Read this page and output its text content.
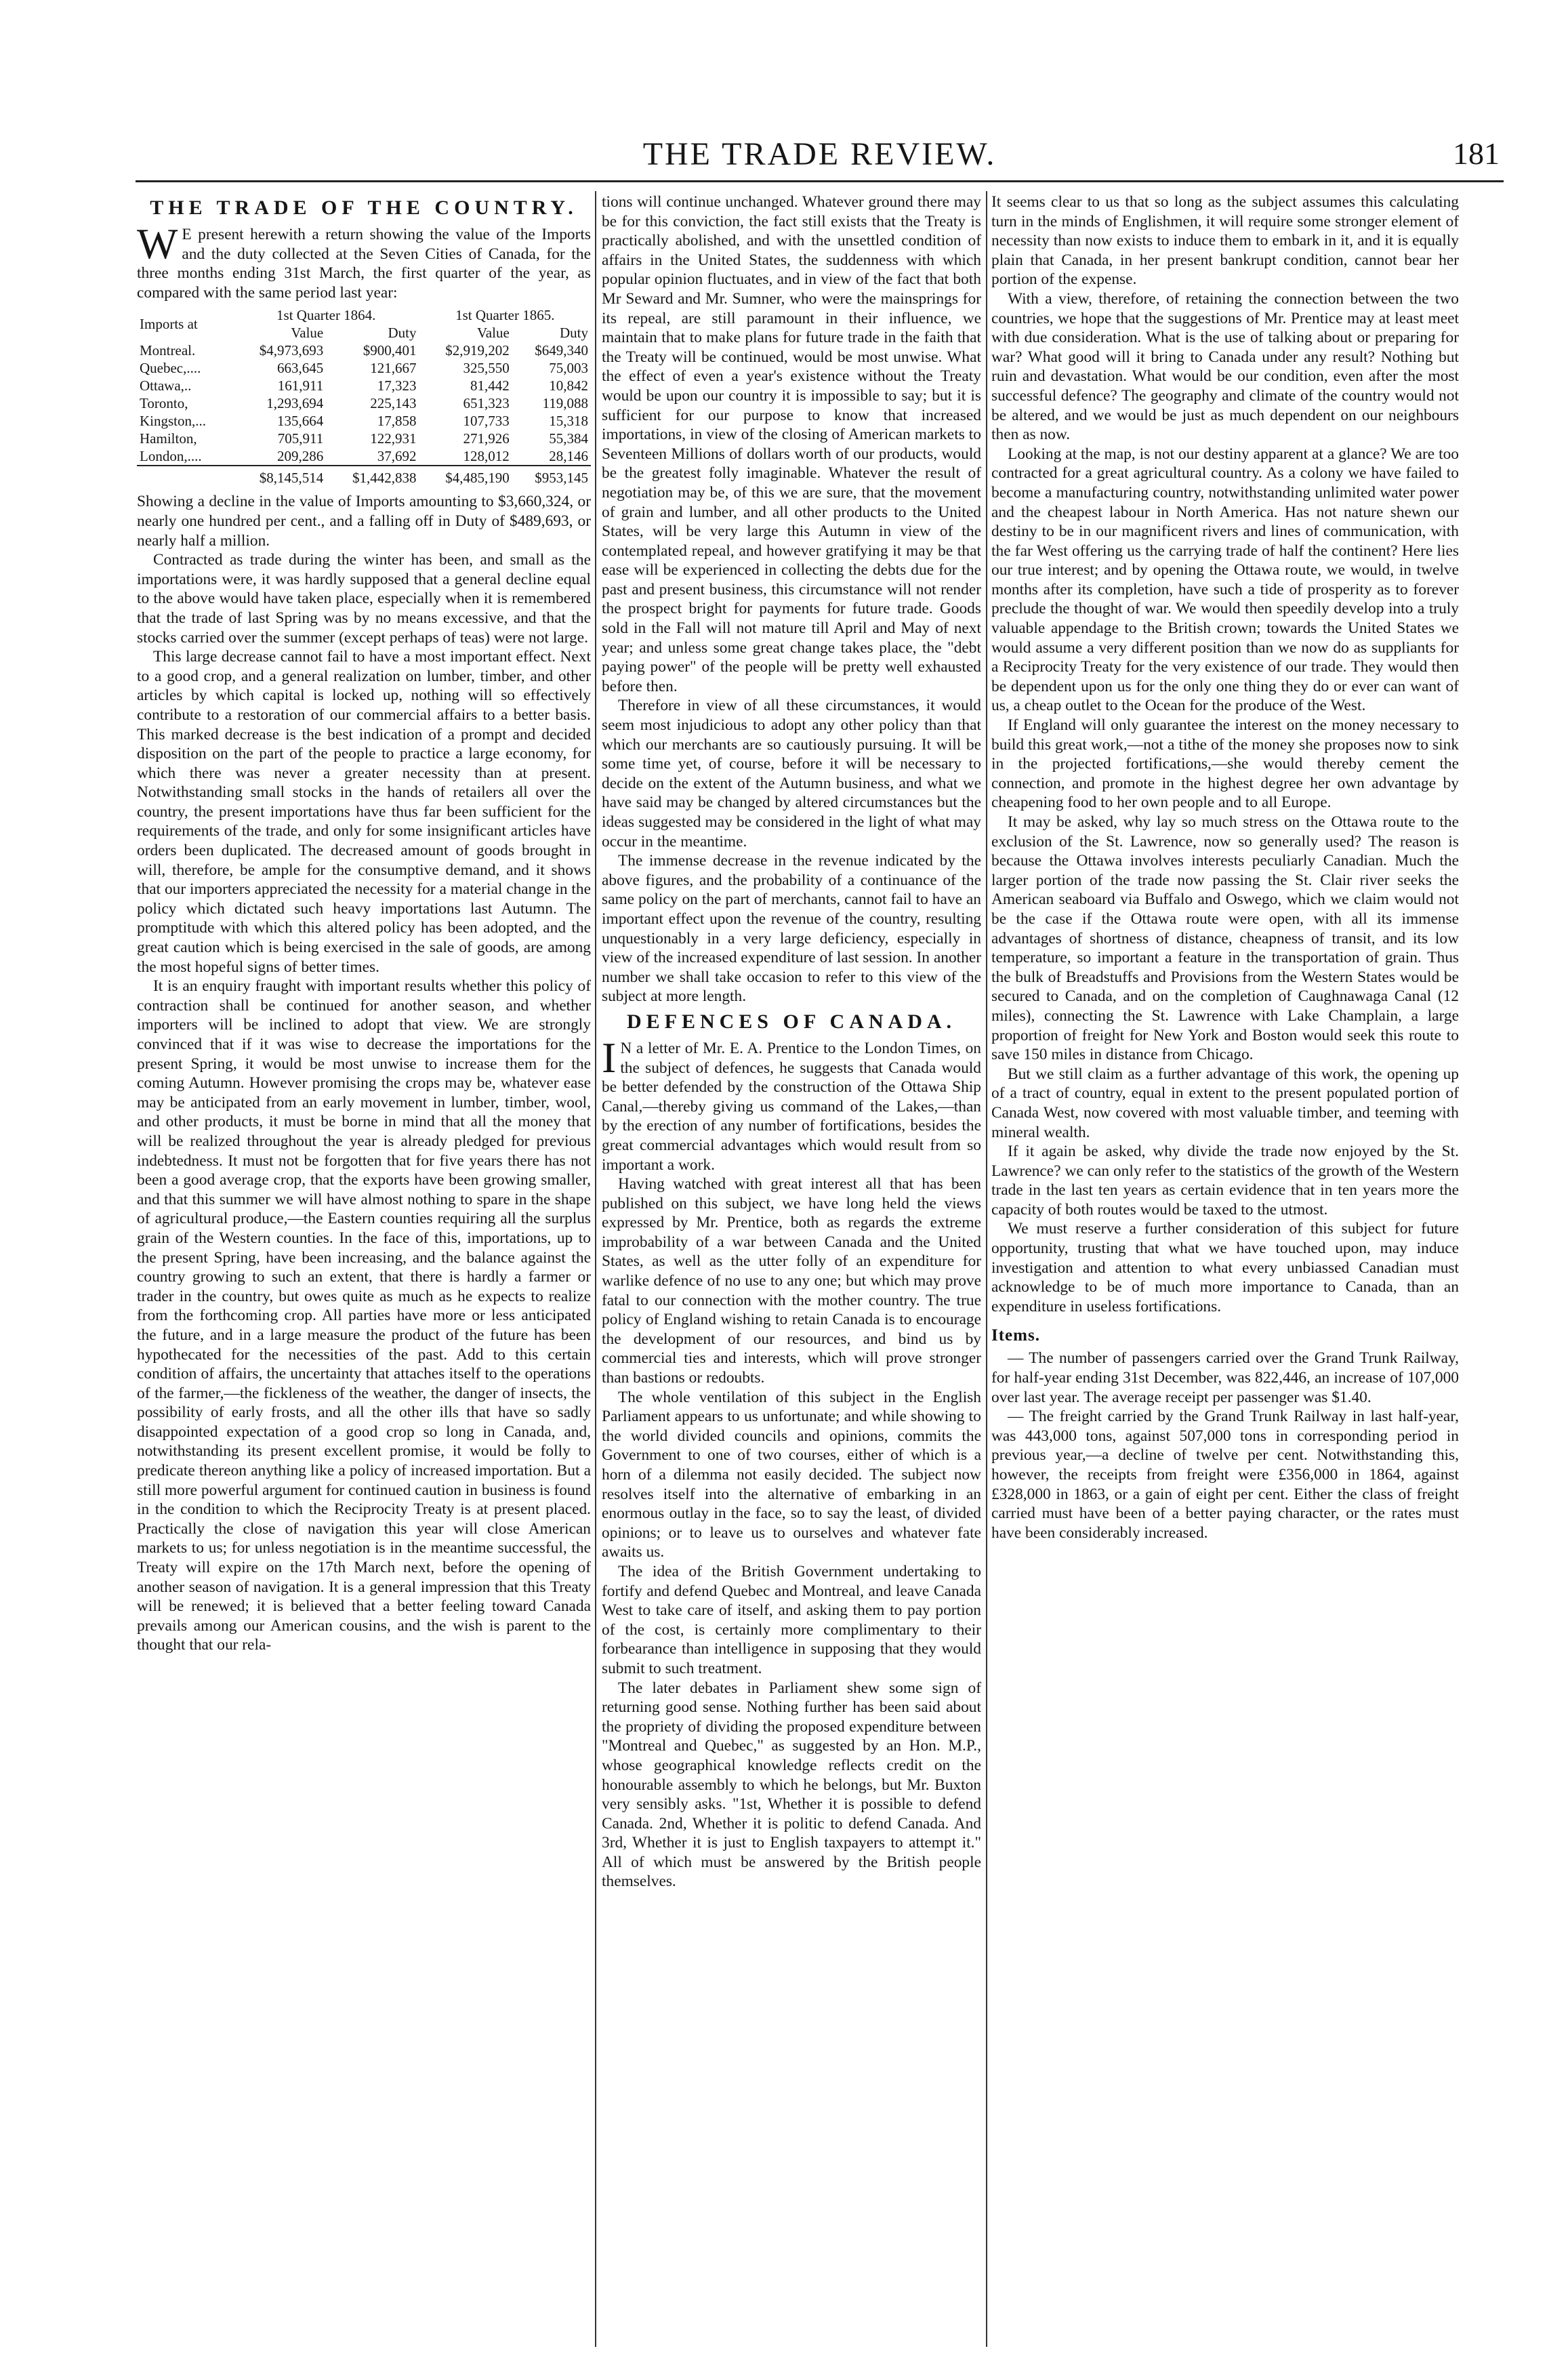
THE TRADE REVIEW.	181
THE TRADE OF THE COUNTRY.

W E present herewith a return showing the value of the Imports and the duty collected at the Seven Cities of Canada, for the three months ending 31st March, the first quarter of the year, as compared with the same period last year:

Imports at	1st Quarter 1864.		1st Quarter 1865.	
	Value	Duty	Value	Duty
Montreal.	$4,973,693	$900,401	$2,919,202	$649,340
Quebec,....	663,645	121,667	325,550	75,003
Ottawa,..	161,911	17,323	81,442	10,842
Toronto,	1,293,694	225,143	651,323	119,088
Kingston,...	135,664	17,858	107,733	15,318
Hamilton,	705,911	122,931	271,926	55,384
London,....	209,286	37,692	128,012	28,146
	$8,145,514	$1,442,838	$4,485,190	$953,145

Showing a decline in the value of Imports amounting to $3,660,324, or nearly one hundred per cent., and a falling off in Duty of $489,693, or nearly half a million.

Contracted as trade during the winter has been, and small as the importations were, it was hardly supposed that a general decline equal to the above would have taken place, especially when it is remembered that the trade of last Spring was by no means excessive, and that the stocks carried over the summer (except perhaps of teas) were not large.

This large decrease cannot fail to have a most important effect. Next to a good crop, and a general realization on lumber, timber, and other articles by which capital is locked up, nothing will so effectively contribute to a restoration of our commercial affairs to a better basis. This marked decrease is the best indication of a prompt and decided disposition on the part of the people to practice a large economy, for which there was never a greater necessity than at present. Notwithstanding small stocks in the hands of retailers all over the country, the present importations have thus far been sufficient for the requirements of the trade, and only for some insignificant articles have orders been duplicated. The decreased amount of goods brought in will, therefore, be ample for the consumptive demand, and it shows that our importers appreciated the necessity for a material change in the policy which dictated such heavy importations last Autumn. The promptitude with which this altered policy has been adopted, and the great caution which is being exercised in the sale of goods, are among the most hopeful signs of better times.

It is an enquiry fraught with important results whether this policy of contraction shall be continued for another season, and whether importers will be inclined to adopt that view. We are strongly convinced that if it was wise to decrease the importations for the present Spring, it would be most unwise to increase them for the coming Autumn. However promising the crops may be, whatever ease may be anticipated from an early movement in lumber, timber, wool, and other products, it must be borne in mind that all the money that will be realized throughout the year is already pledged for previous indebtedness. It must not be forgotten that for five years there has not been a good average crop, that the exports have been growing smaller, and that this summer we will have almost nothing to spare in the shape of agricultural produce,—the Eastern counties requiring all the surplus grain of the Western counties. In the face of this, importations, up to the present Spring, have been increasing, and the balance against the country growing to such an extent, that there is hardly a farmer or trader in the country, but owes quite as much as he expects to realize from the forthcoming crop. All parties have more or less anticipated the future, and in a large measure the product of the future has been hypothecated for the necessities of the past. Add to this certain condition of affairs, the uncertainty that attaches itself to the operations of the farmer,—the fickleness of the weather, the danger of insects, the possibility of early frosts, and all the other ills that have so sadly disappointed expectation of a good crop so long in Canada, and, notwithstanding its present excellent promise, it would be folly to predicate thereon anything like a policy of increased importation. But a still more powerful argument for continued caution in business is found in the condition to which the Reciprocity Treaty is at present placed. Practically the close of navigation this year will close American markets to us; for unless negotiation is in the meantime successful, the Treaty will expire on the 17th March next, before the opening of another season of navigation. It is a general impression that this Treaty will be renewed; it is believed that a better feeling toward Canada prevails among our American cousins, and the wish is parent to the thought that our rela-

tions will continue unchanged. Whatever ground there may be for this conviction, the fact still exists that the Treaty is practically abolished, and with the unsettled condition of affairs in the United States, the suddenness with which popular opinion fluctuates, and in view of the fact that both Mr Seward and Mr. Sumner, who were the mainsprings for its repeal, are still paramount in their influence, we maintain that to make plans for future trade in the faith that the Treaty will be continued, would be most unwise. What the effect of even a year's existence without the Treaty would be upon our country it is impossible to say; but it is sufficient for our purpose to know that increased importations, in view of the closing of American markets to Seventeen Millions of dollars worth of our products, would be the greatest folly imaginable. Whatever the result of negotiation may be, of this we are sure, that the movement of grain and lumber, and all other products to the United States, will be very large this Autumn in view of the contemplated repeal, and however gratifying it may be that ease will be experienced in collecting the debts due for the past and present business, this circumstance will not render the prospect bright for payments for future trade. Goods sold in the Fall will not mature till April and May of next year; and unless some great change takes place, the "debt paying power" of the people will be pretty well exhausted before then.

Therefore in view of all these circumstances, it would seem most injudicious to adopt any other policy than that which our merchants are so cautiously pursuing. It will be some time yet, of course, before it will be necessary to decide on the extent of the Autumn business, and what we have said may be changed by altered circumstances but the ideas suggested may be considered in the light of what may occur in the meantime.

The immense decrease in the revenue indicated by the above figures, and the probability of a continuance of the same policy on the part of merchants, cannot fail to have an important effect upon the revenue of the country, resulting unquestionably in a very large deficiency, especially in view of the increased expenditure of last session. In another number we shall take occasion to refer to this view of the subject at more length.

DEFENCES OF CANADA.

I N a letter of Mr. E. A. Prentice to the London Times, on the subject of defences, he suggests that Canada would be better defended by the construction of the Ottawa Ship Canal,—thereby giving us command of the Lakes,—than by the erection of any number of fortifications, besides the great commercial advantages which would result from so important a work.

Having watched with great interest all that has been published on this subject, we have long held the views expressed by Mr. Prentice, both as regards the extreme improbability of a war between Canada and the United States, as well as the utter folly of an expenditure for warlike defence of no use to any one; but which may prove fatal to our connection with the mother country. The true policy of England wishing to retain Canada is to encourage the development of our resources, and bind us by commercial ties and interests, which will prove stronger than bastions or redoubts.

The whole ventilation of this subject in the English Parliament appears to us unfortunate; and while showing to the world divided councils and opinions, commits the Government to one of two courses, either of which is a horn of a dilemma not easily decided. The subject now resolves itself into the alternative of embarking in an enormous outlay in the face, so to say the least, of divided opinions; or to leave us to ourselves and whatever fate awaits us.

The idea of the British Government undertaking to fortify and defend Quebec and Montreal, and leave Canada West to take care of itself, and asking them to pay portion of the cost, is certainly more complimentary to their forbearance than intelligence in supposing that they would submit to such treatment.

The later debates in Parliament shew some sign of returning good sense. Nothing further has been said about the propriety of dividing the proposed expenditure between "Montreal and Quebec," as suggested by an Hon. M.P., whose geographical knowledge reflects credit on the honourable assembly to which he belongs, but Mr. Buxton very sensibly asks. "1st, Whether it is possible to defend Canada. 2nd, Whether it is politic to defend Canada. And 3rd, Whether it is just to English taxpayers to attempt it." All of which must be answered by the British people themselves.

It seems clear to us that so long as the subject assumes this calculating turn in the minds of Englishmen, it will require some stronger element of necessity than now exists to induce them to embark in it, and it is equally plain that Canada, in her present bankrupt condition, cannot bear her portion of the expense.

With a view, therefore, of retaining the connection between the two countries, we hope that the suggestions of Mr. Prentice may at least meet with due consideration. What is the use of talking about or preparing for war? What good will it bring to Canada under any result? Nothing but ruin and devastation. What would be our condition, even after the most successful defence? The geography and climate of the country would not be altered, and we would be just as much dependent on our neighbours then as now.

Looking at the map, is not our destiny apparent at a glance? We are too contracted for a great agricultural country. As a colony we have failed to become a manufacturing country, notwithstanding unlimited water power and the cheapest labour in North America. Has not nature shewn our destiny to be in our magnificent rivers and lines of communication, with the far West offering us the carrying trade of half the continent? Here lies our true interest; and by opening the Ottawa route, we would, in twelve months after its completion, have such a tide of prosperity as to forever preclude the thought of war. We would then speedily develop into a truly valuable appendage to the British crown; towards the United States we would assume a very different position than we now do as suppliants for a Reciprocity Treaty for the very existence of our trade. They would then be dependent upon us for the only one thing they do or ever can want of us, a cheap outlet to the Ocean for the produce of the West.

If England will only guarantee the interest on the money necessary to build this great work,—not a tithe of the money she proposes now to sink in the projected fortifications,—she would thereby cement the connection, and promote in the highest degree her own advantage by cheapening food to her own people and to all Europe.

It may be asked, why lay so much stress on the Ottawa route to the exclusion of the St. Lawrence, now so generally used? The reason is because the Ottawa involves interests peculiarly Canadian. Much the larger portion of the trade now passing the St. Clair river seeks the American seaboard via Buffalo and Oswego, which we claim would not be the case if the Ottawa route were open, with all its immense advantages of shortness of distance, cheapness of transit, and its low temperature, so important a feature in the transportation of grain. Thus the bulk of Breadstuffs and Provisions from the Western States would be secured to Canada, and on the completion of Caughnawaga Canal (12 miles), connecting the St. Lawrence with Lake Champlain, a large proportion of freight for New York and Boston would seek this route to save 150 miles in distance from Chicago.

But we still claim as a further advantage of this work, the opening up of a tract of country, equal in extent to the present populated portion of Canada West, now covered with most valuable timber, and teeming with mineral wealth.

If it again be asked, why divide the trade now enjoyed by the St. Lawrence? we can only refer to the statistics of the growth of the Western trade in the last ten years as certain evidence that in ten years more the capacity of both routes would be taxed to the utmost.

We must reserve a further consideration of this subject for future opportunity, trusting that what we have touched upon, may induce investigation and attention to what every unbiassed Canadian must acknowledge to be of much more importance to Canada, than an expenditure in useless fortifications.

Items.

— The number of passengers carried over the Grand Trunk Railway, for half-year ending 31st December, was 822,446, an increase of 107,000 over last year. The average receipt per passenger was $1.40.

— The freight carried by the Grand Trunk Railway in last half-year, was 443,000 tons, against 507,000 tons in corresponding period in previous year,—a decline of twelve per cent. Notwithstanding this, however, the receipts from freight were £356,000 in 1864, against £328,000 in 1863, or a gain of eight per cent. Either the class of freight carried must have been of a better paying character, or the rates must have been considerably increased.
